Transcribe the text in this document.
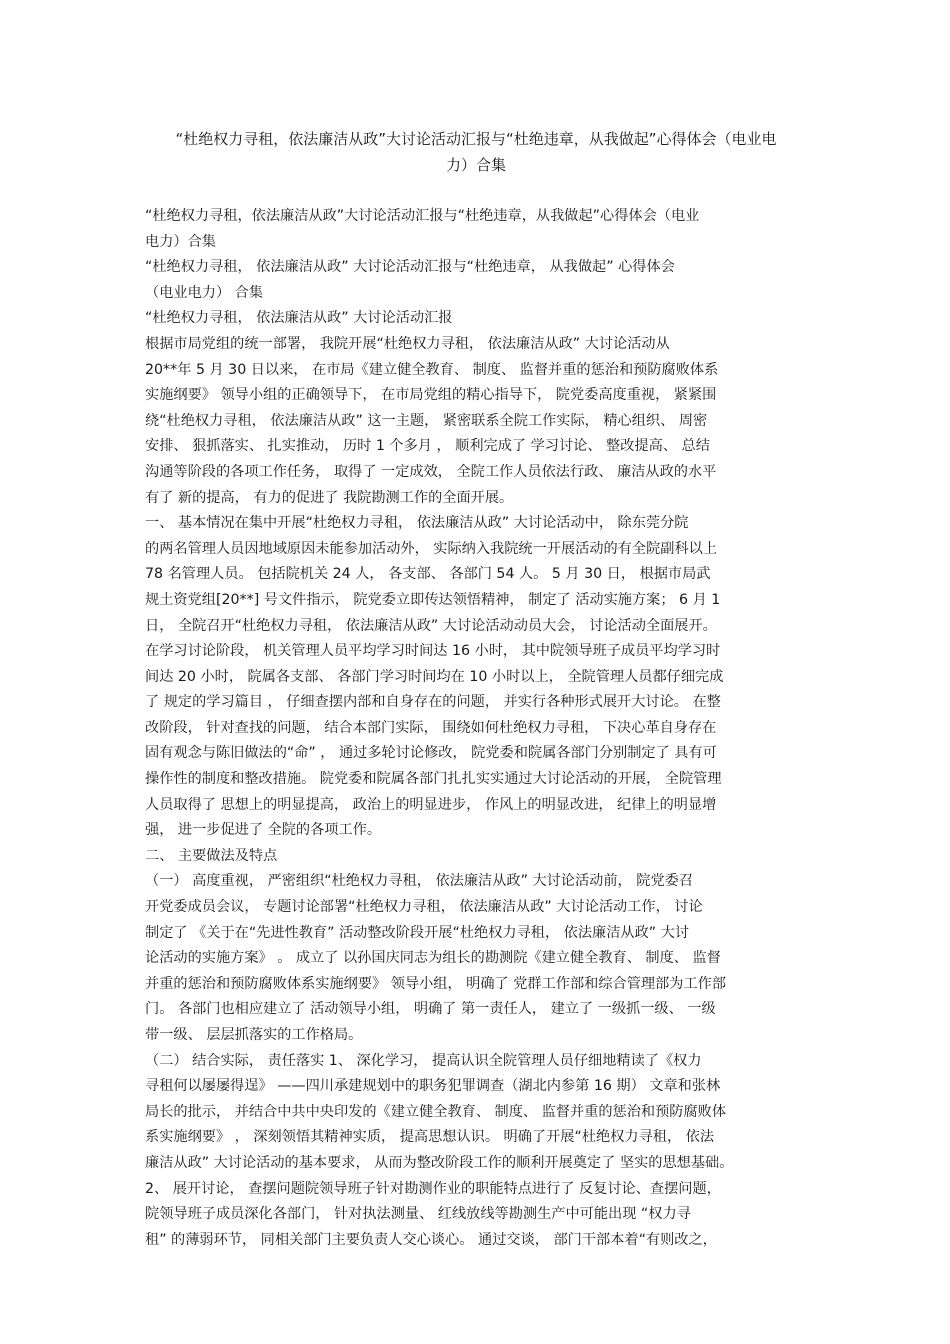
“杜绝权力寻租，依法廉洁从政”大讨论活动汇报与“杜绝违章，从我做起”心得体会（电业电
力）合集
“杜绝权力寻租，依法廉洁从政”大讨论活动汇报与“杜绝违章，从我做起”心得体会（电业
电力）合集
“杜绝权力寻租， 依法廉洁从政” 大讨论活动汇报与“杜绝违章， 从我做起” 心得体会
（电业电力） 合集
“杜绝权力寻租， 依法廉洁从政” 大讨论活动汇报
根据市局党组的统一部署， 我院开展“杜绝权力寻租， 依法廉洁从政” 大讨论活动从
20**年 5 月 30 日以来， 在市局《建立健全教育、 制度、 监督并重的惩治和预防腐败体系
实施纲要》 领导小组的正确领导下， 在市局党组的精心指导下， 院党委高度重视， 紧紧围
绕“杜绝权力寻租， 依法廉洁从政” 这一主题， 紧密联系全院工作实际， 精心组织、 周密
安排、 狠抓落实、 扎实推动， 历时 1 个多月 ， 顺利完成了 学习讨论、 整改提高、 总结
沟通等阶段的各项工作任务， 取得了 一定成效， 全院工作人员依法行政、 廉洁从政的水平
有了 新的提高， 有力的促进了 我院勘测工作的全面开展。
一、 基本情况在集中开展“杜绝权力寻租， 依法廉洁从政” 大讨论活动中， 除东莞分院
的两名管理人员因地域原因未能参加活动外， 实际纳入我院统一开展活动的有全院副科以上
78 名管理人员。 包括院机关 24 人， 各支部、 各部门 54 人。 5 月 30 日， 根据市局武
规土资党组[20**] 号文件指示， 院党委立即传达领悟精神， 制定了 活动实施方案； 6 月 1
日， 全院召开“杜绝权力寻租， 依法廉洁从政” 大讨论活动动员大会， 讨论活动全面展开。
在学习讨论阶段， 机关管理人员平均学习时间达 16 小时， 其中院领导班子成员平均学习时
间达 20 小时， 院属各支部、 各部门学习时间均在 10 小时以上， 全院管理人员都仔细完成
了 规定的学习篇目 ， 仔细查摆内部和自身存在的问题， 并实行各种形式展开大讨论。 在整
改阶段， 针对查找的问题， 结合本部门实际， 围绕如何杜绝权力寻租， 下决心革自身存在
固有观念与陈旧做法的“命” ， 通过多轮讨论修改， 院党委和院属各部门分别制定了 具有可
操作性的制度和整改措施。 院党委和院属各部门扎扎实实通过大讨论活动的开展， 全院管理
人员取得了 思想上的明显提高， 政治上的明显进步， 作风上的明显改进， 纪律上的明显增
强， 进一步促进了 全院的各项工作。
二、 主要做法及特点
（一） 高度重视， 严密组织“杜绝权力寻租， 依法廉洁从政” 大讨论活动前， 院党委召
开党委成员会议， 专题讨论部署“杜绝权力寻租， 依法廉洁从政” 大讨论活动工作， 讨论
制定了 《关于在“先进性教育” 活动整改阶段开展“杜绝权力寻租， 依法廉洁从政” 大讨
论活动的实施方案》 。 成立了 以孙国庆同志为组长的勘测院《建立健全教育、 制度、 监督
并重的惩治和预防腐败体系实施纲要》 领导小组， 明确了 党群工作部和综合管理部为工作部
门。 各部门也相应建立了 活动领导小组， 明确了 第一责任人， 建立了 一级抓一级、 一级
带一级、 层层抓落实的工作格局。
（二） 结合实际， 责任落实 1、 深化学习， 提高认识全院管理人员仔细地精读了《权力
寻租何以屡屡得逞》 ——四川承建规划中的职务犯罪调查（湖北内参第 16 期） 文章和张林
局长的批示， 并结合中共中央印发的《建立健全教育、 制度、 监督并重的惩治和预防腐败体
系实施纲要》 ， 深刻领悟其精神实质， 提高思想认识。 明确了开展“杜绝权力寻租， 依法
廉洁从政” 大讨论活动的基本要求， 从而为整改阶段工作的顺利开展奠定了 坚实的思想基础。
2、 展开讨论， 查摆问题院领导班子针对勘测作业的职能特点进行了 反复讨论、查摆问题，
院领导班子成员深化各部门， 针对执法测量、 红线放线等勘测生产中可能出现 “权力寻
租” 的薄弱环节， 同相关部门主要负责人交心谈心。 通过交谈， 部门干部本着“有则改之，
